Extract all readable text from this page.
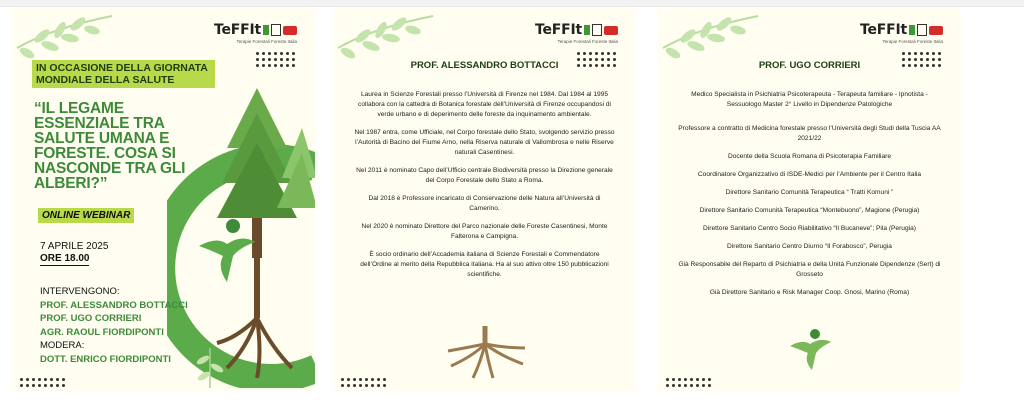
TeFFIt
Terapie Forestali Foreste Italia
IN OCCASIONE DELLA GIORNATA MONDIALE DELLA SALUTE
“IL LEGAME ESSENZIALE TRA SALUTE UMANA E FORESTE. COSA SI NASCONDE TRA GLI ALBERI?”
ONLINE WEBINAR
7 APRILE 2025
ORE 18.00
INTERVENGONO:
PROF. ALESSANDRO BOTTACCI
PROF. UGO CORRIERI
AGR. RAOUL FIORDIPONTI
MODERA:
DOTT. ENRICO FIORDIPONTI
TeFFIt
Terapie Forestali Foreste Italia
PROF. ALESSANDRO BOTTACCI

Laurea in Scienze Forestali presso l’Università di Firenze nel 1984. Dal 1984 al 1995 collabora con la cattedra di Botanica forestale dell’Università di Firenze occupandosi di verde urbano e di deperimento delle foreste da inquinamento ambientale.

Nel 1987 entra, come Ufficiale, nel Corpo forestale dello Stato, svolgendo servizio presso l’Autorità di Bacino del Fiume Arno, nella Riserva naturale di Vallombrosa e nelle Riserve naturali Casentinesi.

Nel 2011 è nominato Capo dell’Ufficio centrale Biodiversità presso la Direzione generale del Corpo Forestale dello Stato a Roma.

Dal 2018 è Professore incaricato di Conservazione delle Natura all’Università di Camerino.

Nel 2020 è nominato Direttore del Parco nazionale delle Foreste Casentinesi, Monte Falterona e Campigna.

È socio ordinario dell’Accademia italiana di Scienze Forestali e Commendatore dell’Ordine al merito della Repubblica italiana. Ha al suo attivo oltre 150 pubblicazioni scientifiche.

TeFFIt
Terapie Forestali Foreste Italia
PROF. UGO CORRIERI

Medico Specialista in Psichiatria Psicoterapeuta - Terapeuta familiare - Ipnotista - Sessuologo Master 2° Livello in Dipendenze Patologiche

Professore a contratto di Medicina forestale presso l’Università degli Studi della Tuscia AA 2021/22

Docente della Scuola Romana di Psicoterapia Familiare

Coordinatore Organizzativo di ISDE-Medici per l’Ambiente per il Centro Italia

Direttore Sanitario Comunità Terapeutica “ Tratti Komuni ”

Direttore Sanitario Comunità Terapeutica “Montebuono”, Magione (Perugia)

Direttore Sanitario Centro Socio Riabilitativo “Il Bucaneve”; Pila (Perugia)

Direttore Sanitario Centro Diurno “Il Forabosco”, Perugia

Già Responsabile del Reparto di Psichiatria e della Unità Funzionale Dipendenze (Sert) di Grosseto

Già Direttore Sanitario e Risk Manager Coop. Gnosi, Marino (Roma)
